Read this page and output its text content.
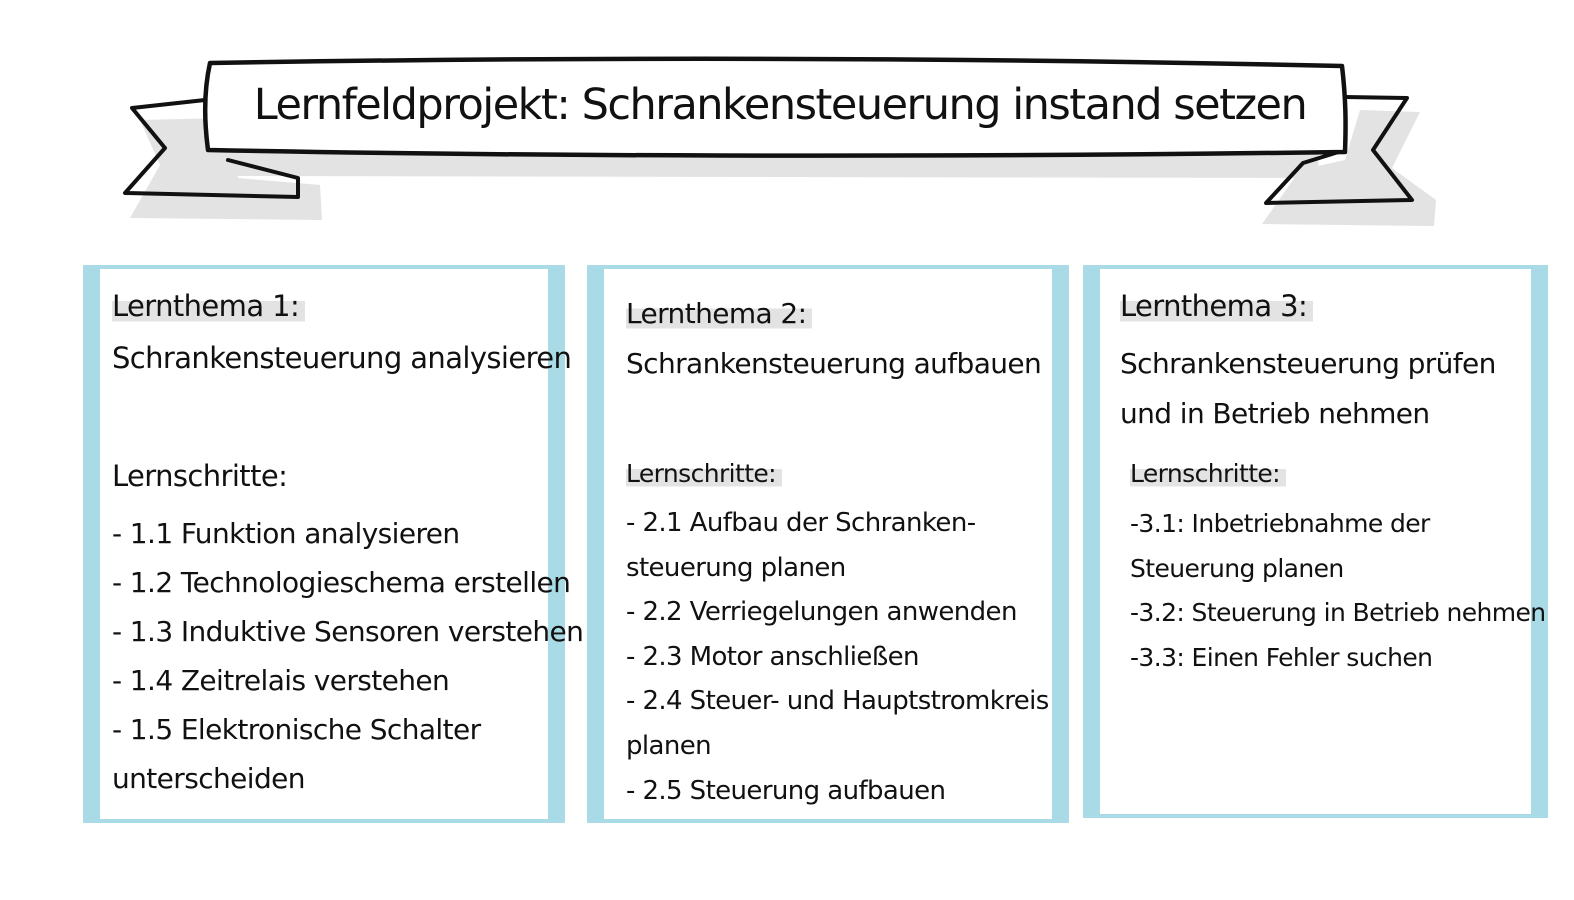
Lernfeldprojekt: Schrankensteuerung instand setzen
Lernthema 1:
Schrankensteuerung analysieren
Lernschritte:
- 1.1 Funktion analysieren
- 1.2 Technologieschema erstellen
- 1.3 Induktive Sensoren verstehen
- 1.4 Zeitrelais verstehen
- 1.5 Elektronische Schalter
unterscheiden
Lernthema 2:
Schrankensteuerung aufbauen
Lernschritte:
- 2.1 Aufbau der Schranken-
steuerung planen
- 2.2 Verriegelungen anwenden
- 2.3 Motor anschließen
- 2.4 Steuer- und Hauptstromkreis
planen
- 2.5 Steuerung aufbauen
Lernthema 3:
Schrankensteuerung prüfen
und in Betrieb nehmen
Lernschritte:
-3.1: Inbetriebnahme der
Steuerung planen
-3.2: Steuerung in Betrieb nehmen
-3.3: Einen Fehler suchen
